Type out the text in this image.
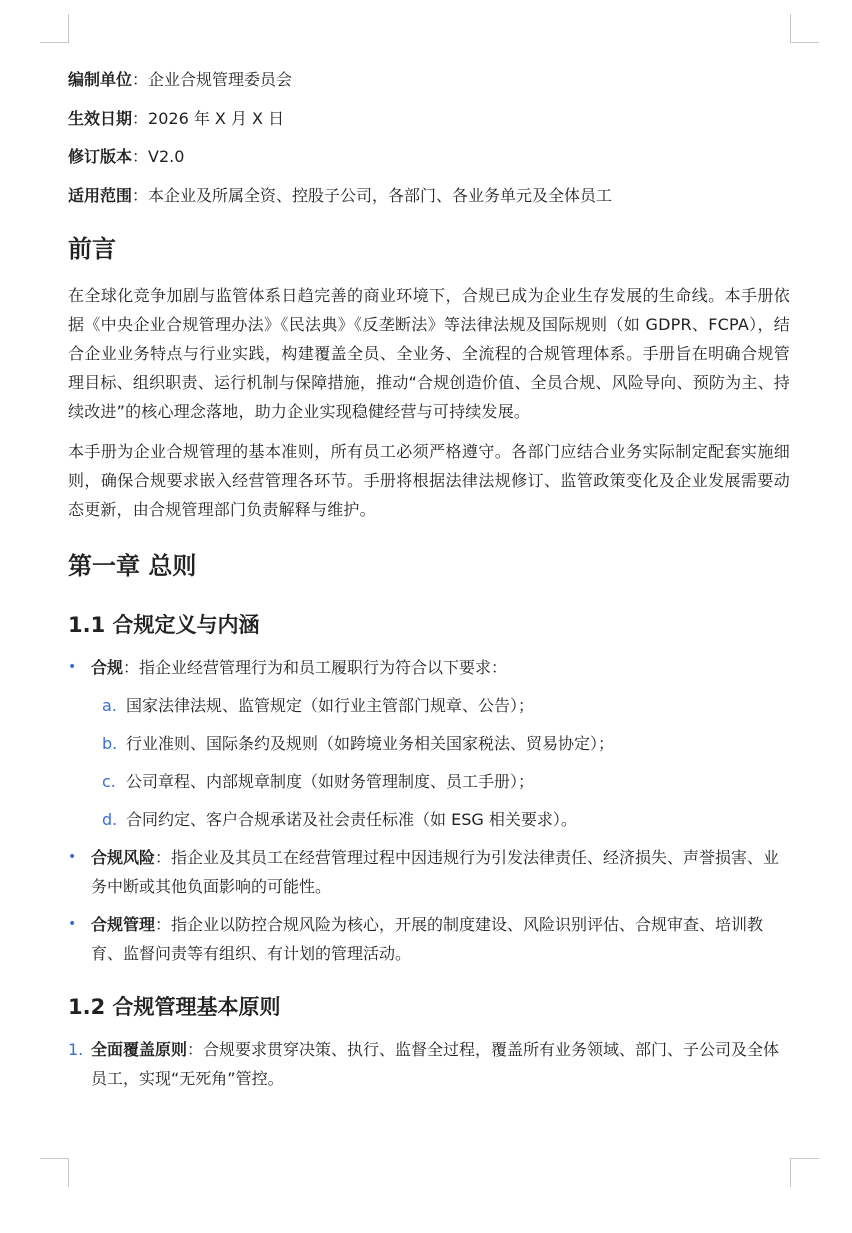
编制单位：企业合规管理委员会
生效日期：2026 年 X 月 X 日
修订版本：V2.0
适用范围：本企业及所属全资、控股子公司，各部门、各业务单元及全体员工
前言

在全球化竞争加剧与监管体系日趋完善的商业环境下，合规已成为企业生存发展的生命线。本手册依据《中央企业合规管理办法》《民法典》《反垄断法》等法律法规及国际规则（如 GDPR、FCPA），结合企业业务特点与行业实践，构建覆盖全员、全业务、全流程的合规管理体系。手册旨在明确合规管理目标、组织职责、运行机制与保障措施，推动“合规创造价值、全员合规、风险导向、预防为主、持续改进”的核心理念落地，助力企业实现稳健经营与可持续发展。

本手册为企业合规管理的基本准则，所有员工必须严格遵守。各部门应结合业务实际制定配套实施细则，确保合规要求嵌入经营管理各环节。手册将根据法律法规修订、监管政策变化及企业发展需要动态更新，由合规管理部门负责解释与维护。

第一章 总则
1.1 合规定义与内涵
• 合规：指企业经营管理行为和员工履职行为符合以下要求：
a. 国家法律法规、监管规定（如行业主管部门规章、公告）；
b. 行业准则、国际条约及规则（如跨境业务相关国家税法、贸易协定）；
c. 公司章程、内部规章制度（如财务管理制度、员工手册）；
d. 合同约定、客户合规承诺及社会责任标准（如 ESG 相关要求）。
• 合规风险：指企业及其员工在经营管理过程中因违规行为引发法律责任、经济损失、声誉损害、业务中断或其他负面影响的可能性。
• 合规管理：指企业以防控合规风险为核心，开展的制度建设、风险识别评估、合规审查、培训教育、监督问责等有组织、有计划的管理活动。
1.2 合规管理基本原则
1. 全面覆盖原则：合规要求贯穿决策、执行、监督全过程，覆盖所有业务领域、部门、子公司及全体员工，实现“无死角”管控。
